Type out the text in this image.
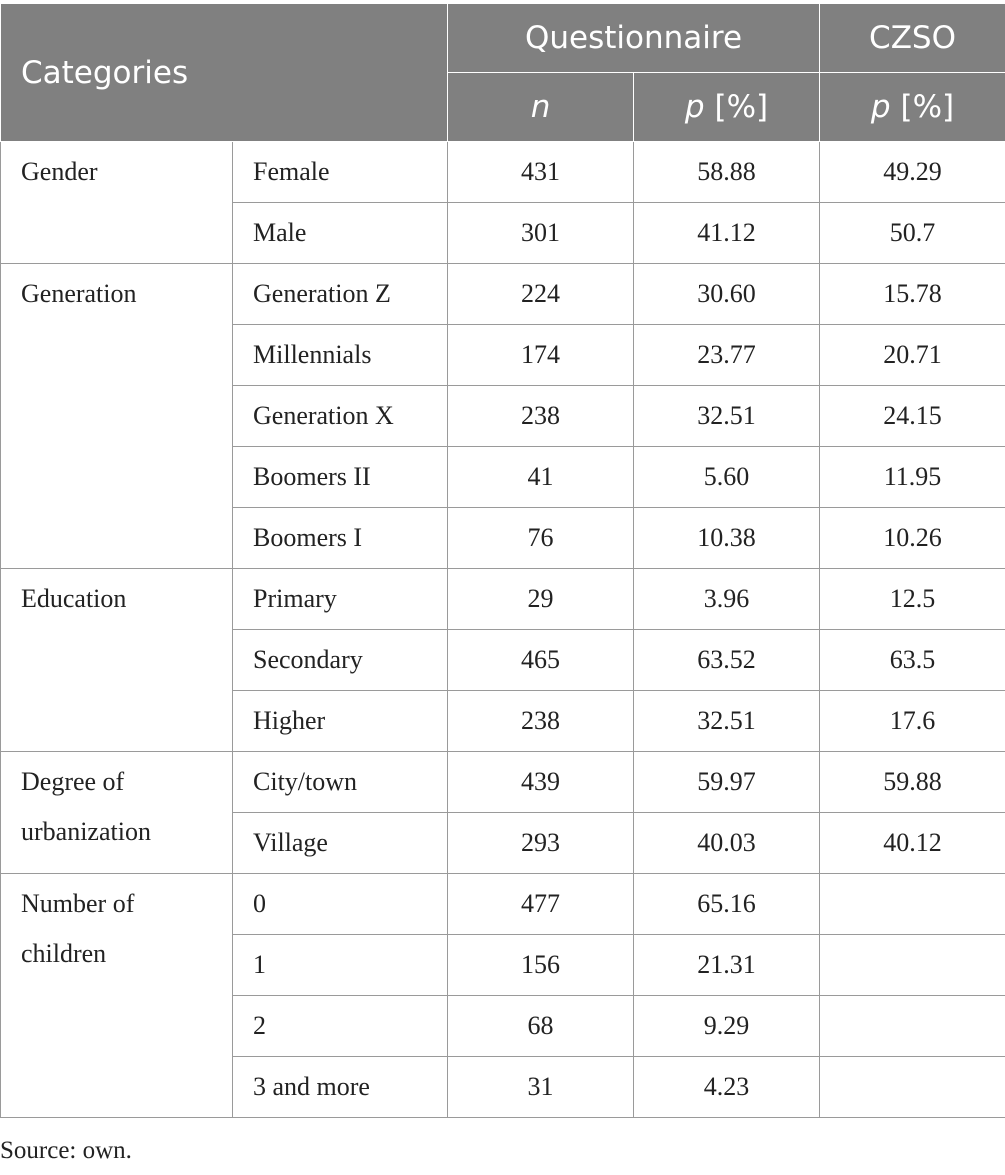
Categories		Questionnaire		CZSO
		n	p [%]	p [%]

Gender	Female	431	58.88	49.29
	Male	301	41.12	50.7

Generation	Generation Z	224	30.60	15.78
	Millennials	174	23.77	20.71
	Generation X	238	32.51	24.15
	Boomers II	41	5.60	11.95
	Boomers I	76	10.38	10.26

Education	Primary	29	3.96	12.5
	Secondary	465	63.52	63.5
	Higher	238	32.51	17.6

Degree of
urbanization	City/town	439	59.97	59.88
	Village	293	40.03	40.12

Number of
children	0	477	65.16	
	1	156	21.31	
	2	68	9.29	
	3 and more	31	4.23	
Source: own.
